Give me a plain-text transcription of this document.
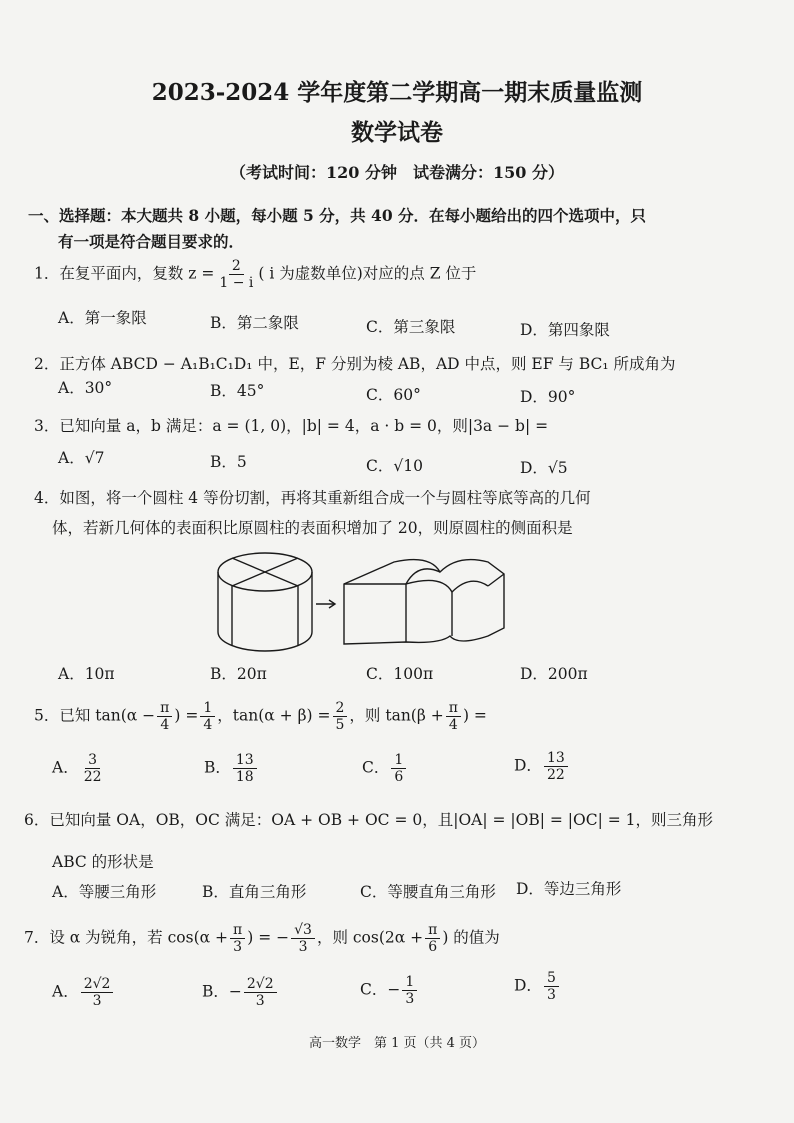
2023-2024 学年度第二学期高一期末质量监测
数学试卷
（考试时间：120 分钟　试卷满分：150 分）
一、选择题：本大题共 8 小题，每小题 5 分，共 40 分．在每小题给出的四个选项中，只
有一项是符合题目要求的．
1．在复平面内，复数 $z = \frac{2}{1 - i}$ ( i 为虚数单位)对应的点 Z 位于
A．第一象限	B．第二象限	C．第三象限	D．第四象限
2．正方体 ABCD − A₁B₁C₁D₁ 中，E，F 分别为棱 AB，AD 中点，则 EF 与 BC₁ 所成角为
A．30°	B．45°	C．60°	D．90°
3．已知向量 a，b 满足：a = (1, 0)，|b| = 4，a · b = 0，则|3a − b| =
A．√7	B．5	C．√10	D．√5
4．如图，将一个圆柱 4 等份切割，再将其重新组合成一个与圆柱等底等高的几何
体，若新几何体的表面积比原圆柱的表面积增加了 20，则原圆柱的侧面积是
A．10π	B．20π	C．100π	D．200π
5．已知 $\tan(\alpha - \frac{\pi}{4}$ ) = $\frac{1}{4}$ ，$\tan(\alpha + \beta) = \frac{2}{5}$ ，则 $\tan(\beta + \frac{\pi}{4}$ ) =
A． $\frac{3}{22}$	B． $\frac{13}{18}$	C． $\frac{1}{6}$	D． $\frac{13}{22}$
6．已知向量 OA，OB，OC 满足：OA + OB + OC = 0，且|OA| = |OB| = |OC| = 1，则三角形
ABC 的形状是
A．等腰三角形	B．直角三角形	C．等腰直角三角形 D．等边三角形
7．设 α 为锐角，若 $\cos(\alpha + \frac{\pi}{3}$ ) = − $\frac{√3}{3}$ ，则 $\cos(2\alpha + \frac{\pi}{6}$ ) 的值为
A． $\frac{2√2}{3}$	B．− $\frac{2√2}{3}$	C．− $\frac{1}{3}$	D． $\frac{5}{3}$
高一数学　第 1 页（共 4 页）
